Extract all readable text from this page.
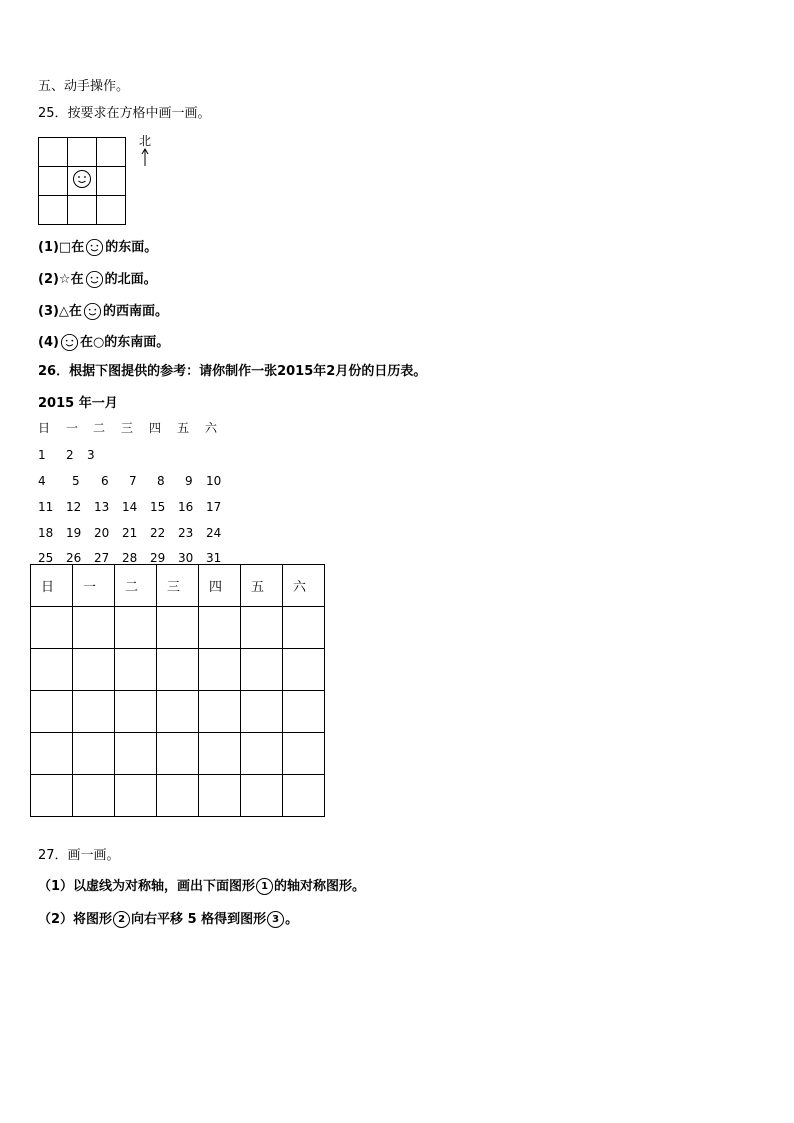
五、动手操作。
25．按要求在方格中画一画。

北
(1)□在 的东面。
(2)☆在 的北面。
(3)△在 的西南面。
(4) 在○的东南面。
26．根据下图提供的参考：请你制作一张2015年2月份的日历表。
2015 年一月
日 一 二 三 四 五 六
1 2 3
4 5 6 7 8 9 10
11 12 13 14 15 16 17
18 19 20 21 22 23 24
25 26 27 28 29 30 31
日	一	二	三	四	五	六

27．画一画。
（1）以虚线为对称轴，画出下面图形 1 的轴对称图形。
（2）将图形 2 向右平移 5 格得到图形 3 。
